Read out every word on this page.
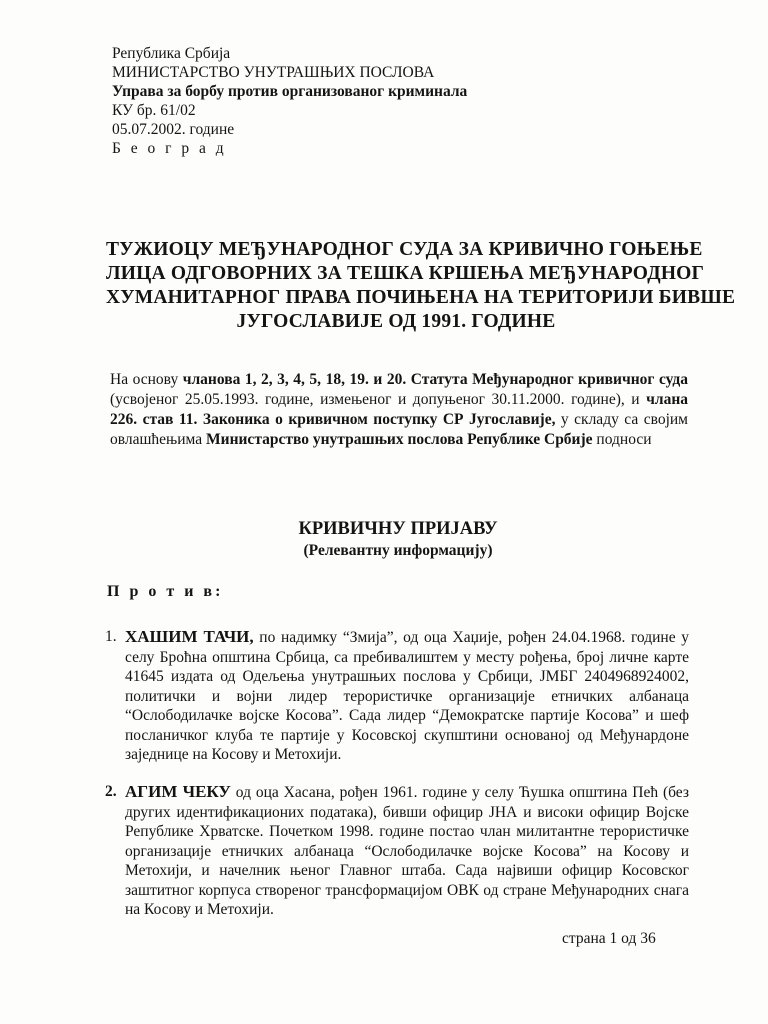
Република Србија
МИНИСТАРСТВО УНУТРАШЊИХ ПОСЛОВА
Управа за борбу против организованог криминала
КУ бр. 61/02
05.07.2002. године
Б е о г р а д
ТУЖИОЦУ МЕЂУНАРОДНОГ СУДА ЗА КРИВИЧНО ГОЊЕЊЕ
ЛИЦА ОДГОВОРНИХ ЗА ТЕШКА КРШЕЊА МЕЂУНАРОДНОГ
ХУМАНИТАРНОГ ПРАВА ПОЧИЊЕНА НА ТЕРИТОРИЈИ БИВШЕ
ЈУГОСЛАВИЈЕ ОД 1991. ГОДИНЕ
На основу чланова 1, 2, 3, 4, 5, 18, 19. и 20. Статута Међународног кривичног суда (усвојеног 25.05.1993. године, измењеног и допуњеног 30.11.2000. године), и члана 226. став 11. Законика о кривичном поступку СР Југославије, у складу са својим овлашћењима Министарство унутрашњих послова Републике Србије подноси
КРИВИЧНУ ПРИЈАВУ
(Релевантну информацију)
П р о т и в:
1. ХАШИМ ТАЧИ, по надимку “Змија”, од оца Хаџије, рођен 24.04.1968. године у селу Броћна општина Србица, са пребивалиштем у месту рођења, број личне карте 41645 издата од Одељења унутрашњих послова у Србици, ЈМБГ 2404968924002, политички и војни лидер терористичке организације етничких албанаца “Ослободилачке војске Косова”. Сада лидер “Демократске партије Косова” и шеф посланичког клуба те партије у Косовској скупштини основаној од Међунардоне заједнице на Косову и Метохији.
2. АГИМ ЧЕКУ од оца Хасана, рођен 1961. године у селу Ћушка општина Пећ (без других идентификационих података), бивши официр ЈНА и високи официр Војске Републике Хрватске. Почетком 1998. године постао члан милитантне терористичке организације етничких албанаца “Ослободилачке војске Косова” на Косову и Метохији, и начелник њеног Главног штаба. Сада највиши официр Косовског заштитног корпуса створеног трансформацијом ОВК од стране Међународних снага на Косову и Метохији.
страна 1 од 36
